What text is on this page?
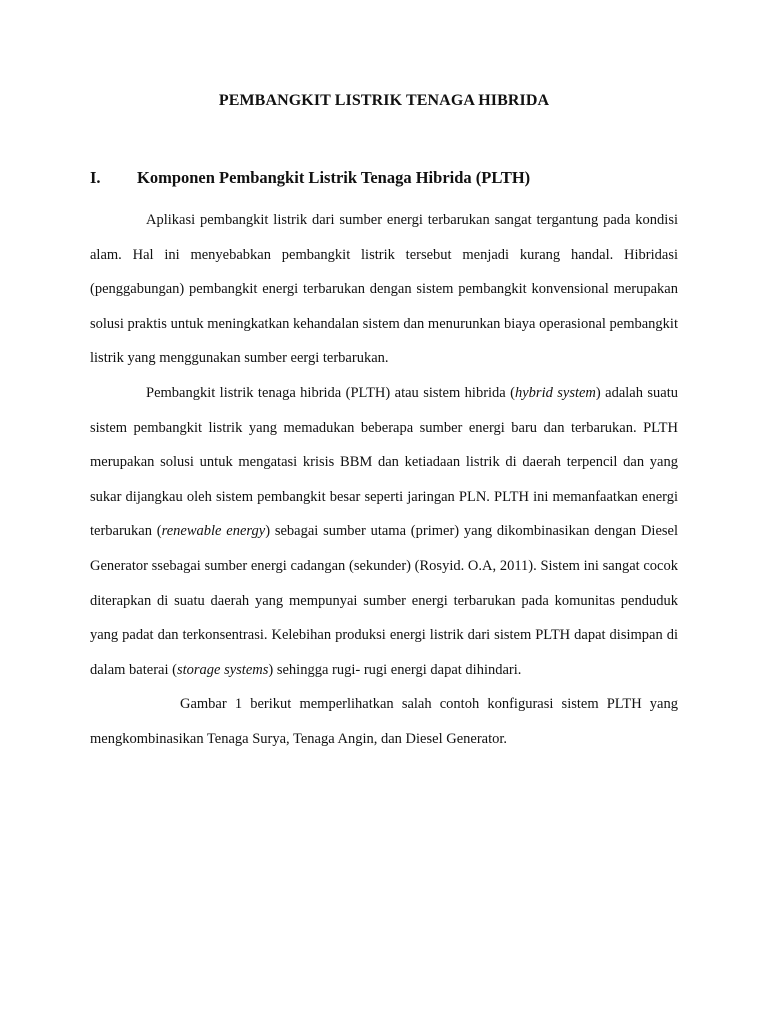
PEMBANGKIT LISTRIK TENAGA HIBRIDA
I. Komponen Pembangkit Listrik Tenaga Hibrida (PLTH)

Aplikasi pembangkit listrik dari sumber energi terbarukan sangat tergantung pada kondisi alam. Hal ini menyebabkan pembangkit listrik tersebut menjadi kurang handal. Hibridasi (penggabungan) pembangkit energi terbarukan dengan sistem pembangkit konvensional merupakan solusi praktis untuk meningkatkan kehandalan sistem dan menurunkan biaya operasional pembangkit listrik yang menggunakan sumber eergi terbarukan.

Pembangkit listrik tenaga hibrida (PLTH) atau sistem hibrida (hybrid system) adalah suatu sistem pembangkit listrik yang memadukan beberapa sumber energi baru dan terbarukan. PLTH merupakan solusi untuk mengatasi krisis BBM dan ketiadaan listrik di daerah terpencil dan yang sukar dijangkau oleh sistem pembangkit besar seperti jaringan PLN. PLTH ini memanfaatkan energi terbarukan (renewable energy) sebagai sumber utama (primer) yang dikombinasikan dengan Diesel Generator ssebagai sumber energi cadangan (sekunder) (Rosyid. O.A, 2011). Sistem ini sangat cocok diterapkan di suatu daerah yang mempunyai sumber energi terbarukan pada komunitas penduduk yang padat dan terkonsentrasi. Kelebihan produksi energi listrik dari sistem PLTH dapat disimpan di dalam baterai (storage systems) sehingga rugi- rugi energi dapat dihindari.

Gambar 1 berikut memperlihatkan salah contoh konfigurasi sistem PLTH yang mengkombinasikan Tenaga Surya, Tenaga Angin, dan Diesel Generator.
